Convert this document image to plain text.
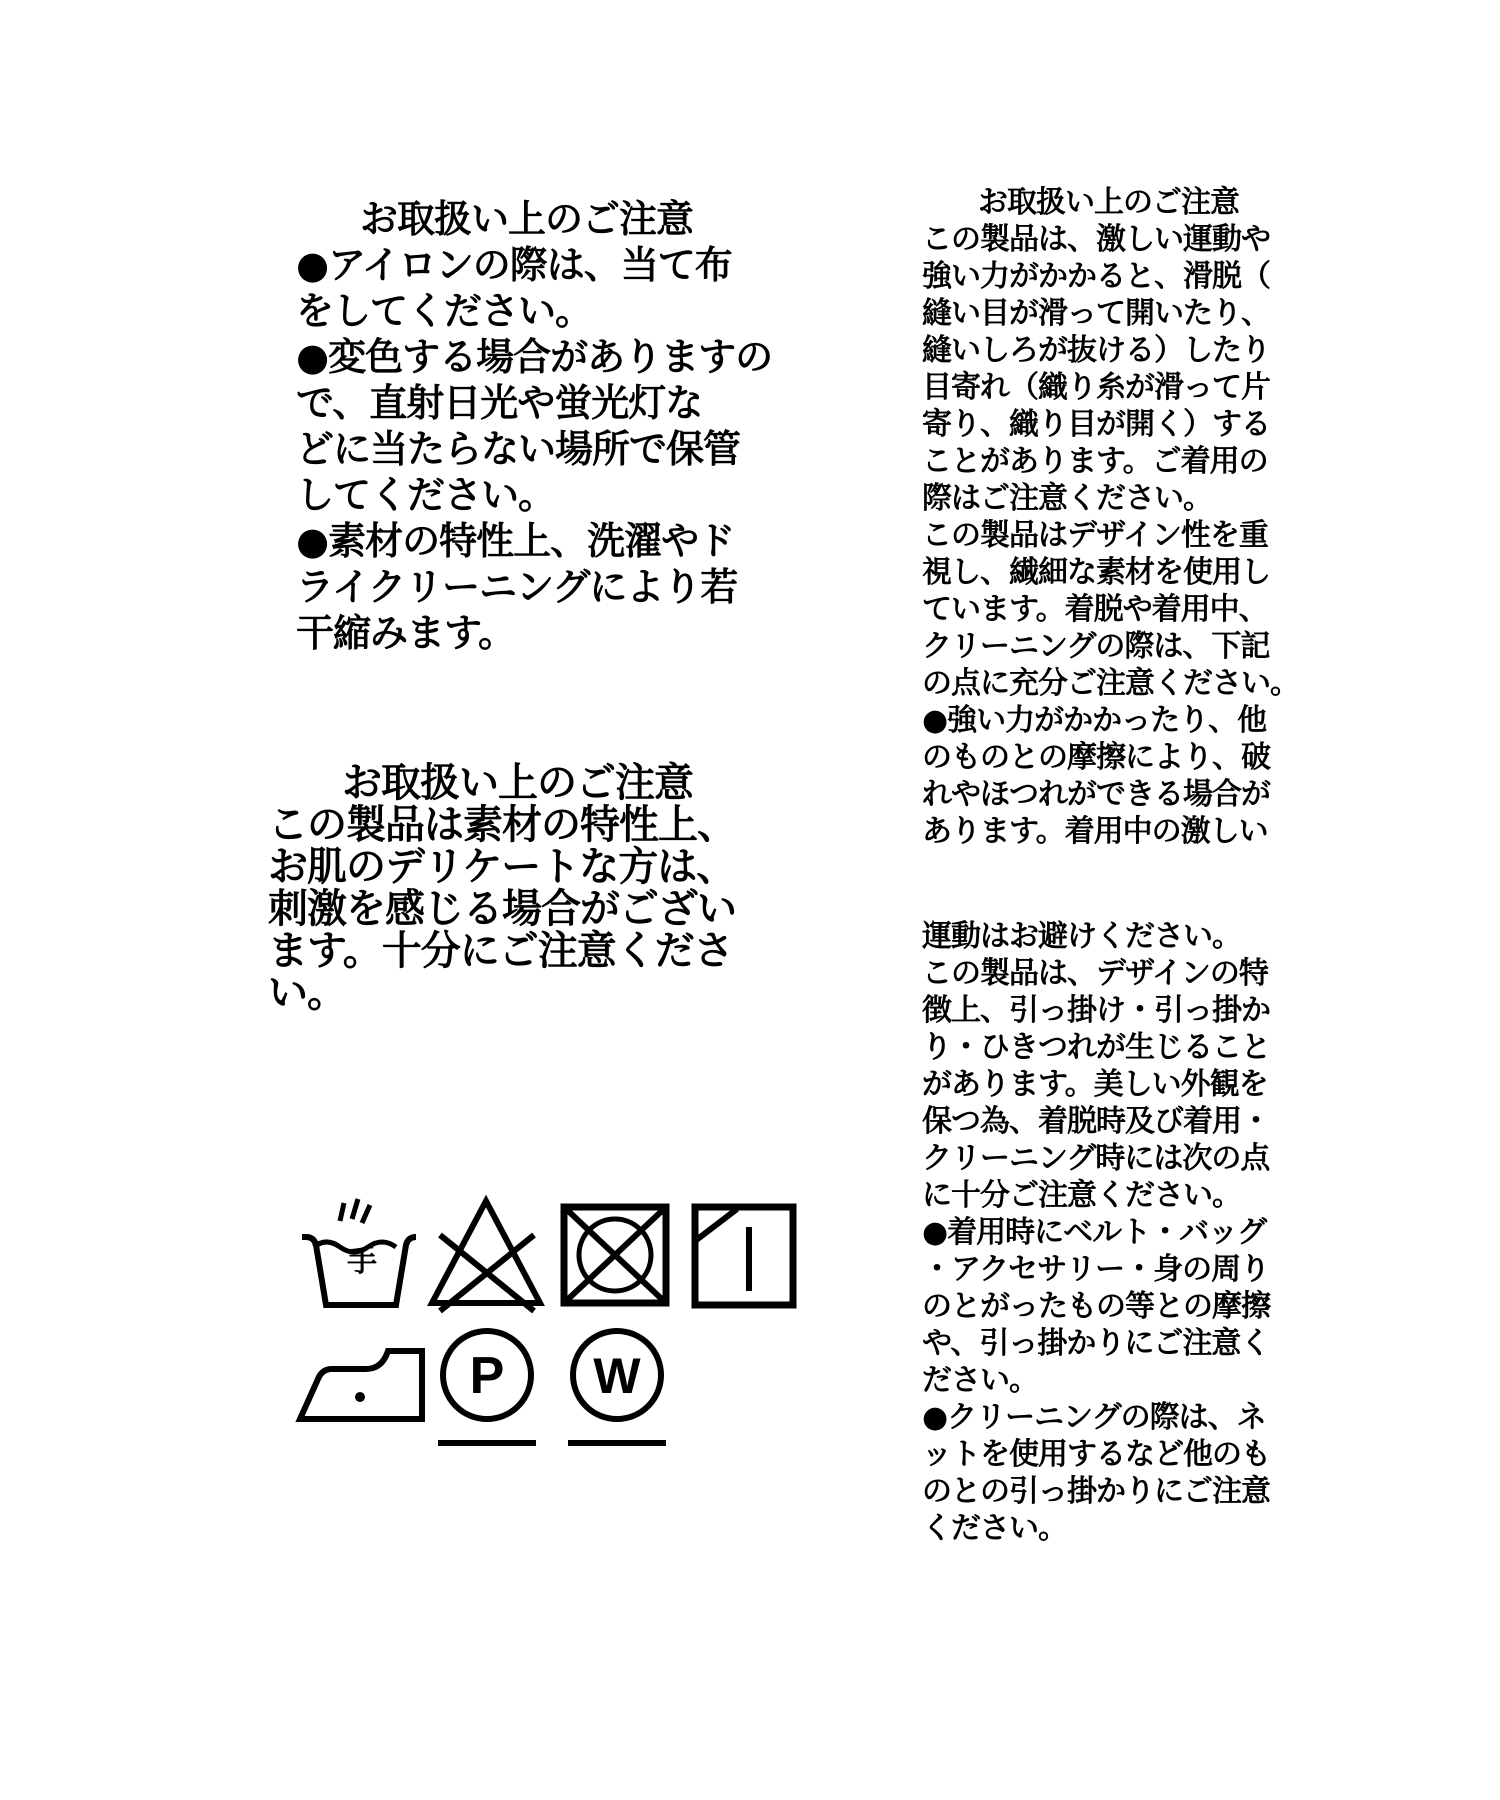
お取扱い上のご注意
●アイロンの際は、当て布
をしてください。
●変色する場合がありますの
で、直射日光や蛍光灯な
どに当たらない場所で保管
してください。
●素材の特性上、洗濯やド
ライクリーニングにより若
干縮みます。
お取扱い上のご注意
この製品は素材の特性上、
お肌のデリケートな方は、
刺激を感じる場合がござい
ます。十分にご注意くださ
い。
お取扱い上のご注意
この製品は、激しい運動や
強い力がかかると、滑脱（
縫い目が滑って開いたり、
縫いしろが抜ける）したり
目寄れ（織り糸が滑って片
寄り、織り目が開く）する
ことがあります。ご着用の
際はご注意ください。
この製品はデザイン性を重
視し、繊細な素材を使用し
ています。着脱や着用中、
クリーニングの際は、下記
の点に充分ご注意ください。
●強い力がかかったり、他
のものとの摩擦により、破
れやほつれができる場合が
あります。着用中の激しい
運動はお避けください。
この製品は、デザインの特
徴上、引っ掛け・引っ掛か
り・ひきつれが生じること
があります。美しい外観を
保つ為、着脱時及び着用・
クリーニング時には次の点
に十分ご注意ください。
●着用時にベルト・バッグ
・アクセサリー・身の周り
のとがったもの等との摩擦
や、引っ掛かりにご注意く
ださい。
●クリーニングの際は、ネ
ットを使用するなど他のも
のとの引っ掛かりにご注意
ください。
手
P W
